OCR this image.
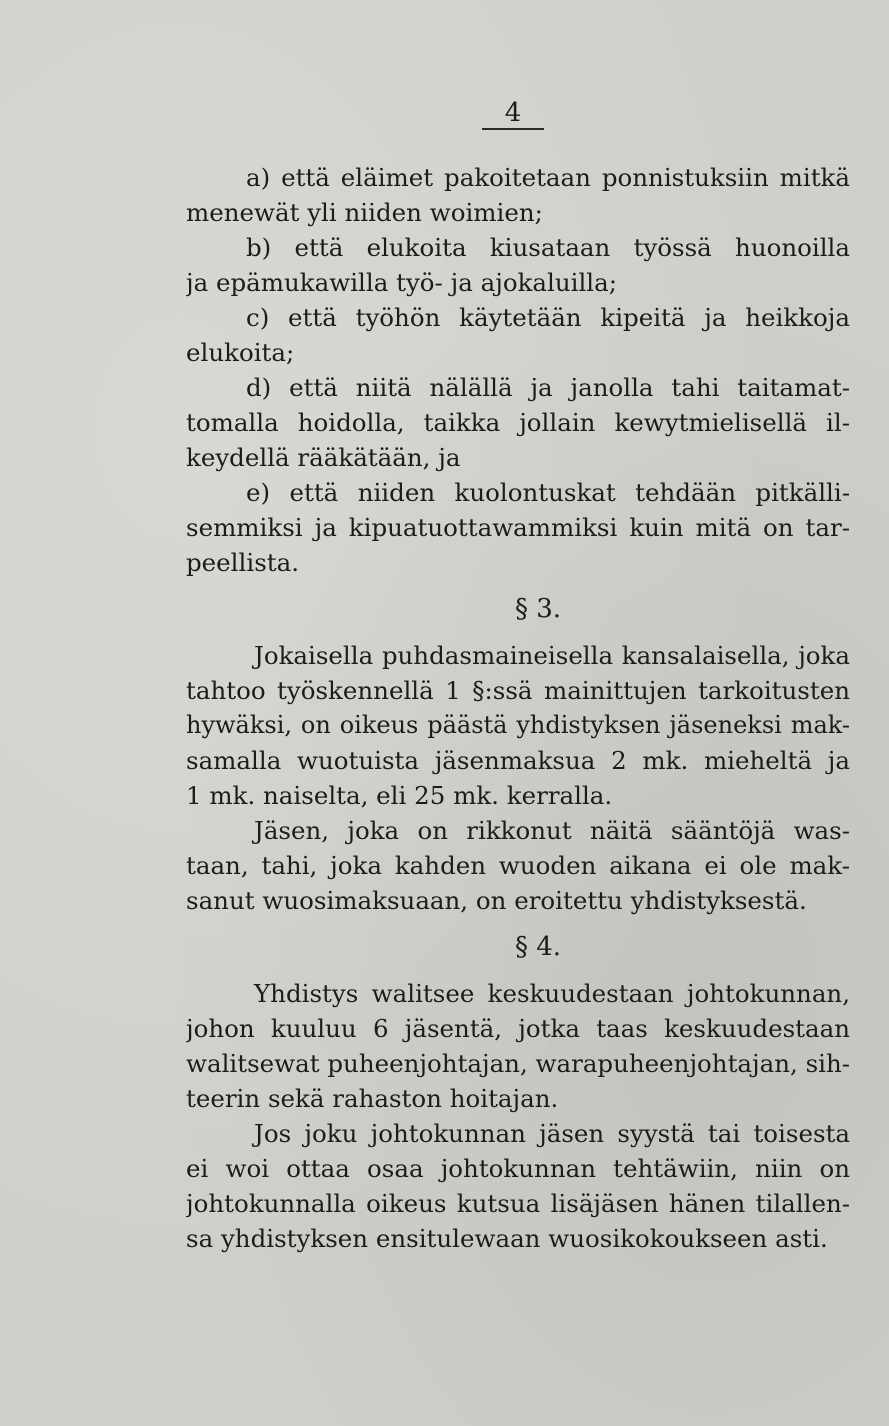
4
a) että eläimet pakoitetaan ponnistuksiin mitkä
menewät yli niiden woimien;
b) että elukoita kiusataan työssä huonoilla
ja epämukawilla työ- ja ajokaluilla;
c) että työhön käytetään kipeitä ja heikkoja
elukoita;
d) että niitä nälällä ja janolla tahi taitamat-
tomalla hoidolla, taikka jollain kewytmielisellä il-
keydellä rääkätään, ja
e) että niiden kuolontuskat tehdään pitkälli-
semmiksi ja kipuatuottawammiksi kuin mitä on tar-
peellista.
§ 3.
Jokaisella puhdasmaineisella kansalaisella, joka
tahtoo työskennellä 1 §:ssä mainittujen tarkoitusten
hywäksi, on oikeus päästä yhdistyksen jäseneksi mak-
samalla wuotuista jäsenmaksua 2 mk. mieheltä ja
1 mk. naiselta, eli 25 mk. kerralla.
Jäsen, joka on rikkonut näitä sääntöjä was-
taan, tahi, joka kahden wuoden aikana ei ole mak-
sanut wuosimaksuaan, on eroitettu yhdistyksestä.
§ 4.
Yhdistys walitsee keskuudestaan johtokunnan,
johon kuuluu 6 jäsentä, jotka taas keskuudestaan
walitsewat puheenjohtajan, warapuheenjohtajan, sih-
teerin sekä rahaston hoitajan.
Jos joku johtokunnan jäsen syystä tai toisesta
ei woi ottaa osaa johtokunnan tehtäwiin, niin on
johtokunnalla oikeus kutsua lisäjäsen hänen tilallen-
sa yhdistyksen ensitulewaan wuosikokoukseen asti.
